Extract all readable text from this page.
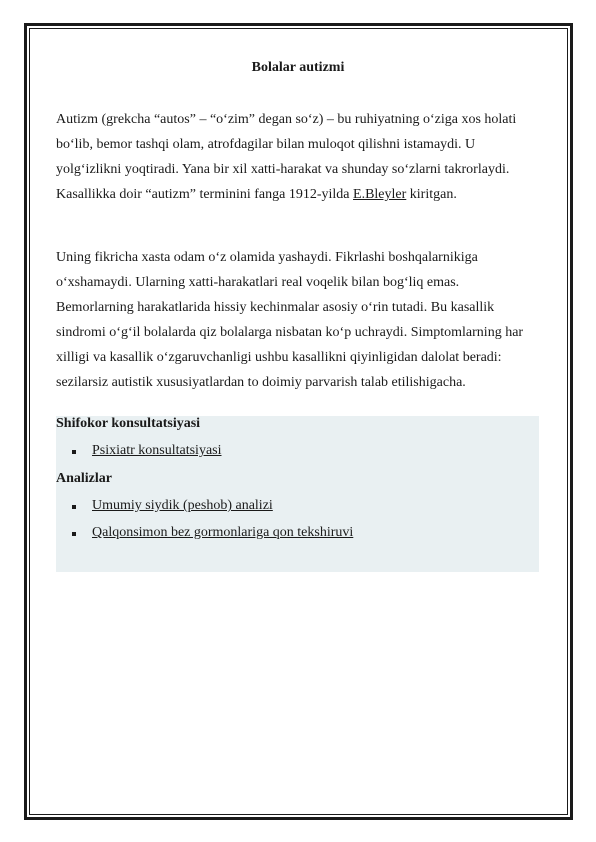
Bolalar autizmi

Autizm (grekcha “autos” – “o‘zim” degan so‘z) – bu ruhiyatning o‘ziga xos holati bo‘lib, bemor tashqi olam, atrofdagilar bilan muloqot qilishni istamaydi. U yolg‘izlikni yoqtiradi. Yana bir xil xatti-harakat va shunday so‘zlarni takrorlaydi. Kasallikka doir “autizm” terminini fanga 1912-yilda E.Bleyler kiritgan.

Uning fikricha xasta odam o‘z olamida yashaydi. Fikrlashi boshqalarnikiga o‘xshamaydi. Ularning xatti-harakatlari real voqelik bilan bog‘liq emas. Bemorlarning harakatlarida hissiy kechinmalar asosiy o‘rin tutadi. Bu kasallik sindromi o‘g‘il bolalarda qiz bolalarga nisbatan ko‘p uchraydi. Simptomlarning har xilligi va kasallik o‘zgaruvchanligi ushbu kasallikni qiyinligidan dalolat beradi: sezilarsiz autistik xususiyatlardan to doimiy parvarish talab etilishigacha.

Shifokor konsultatsiyasi
Psixiatr konsultatsiyasi
Analizlar
Umumiy siydik (peshob) analizi
Qalqonsimon bez gormonlariga qon tekshiruvi
